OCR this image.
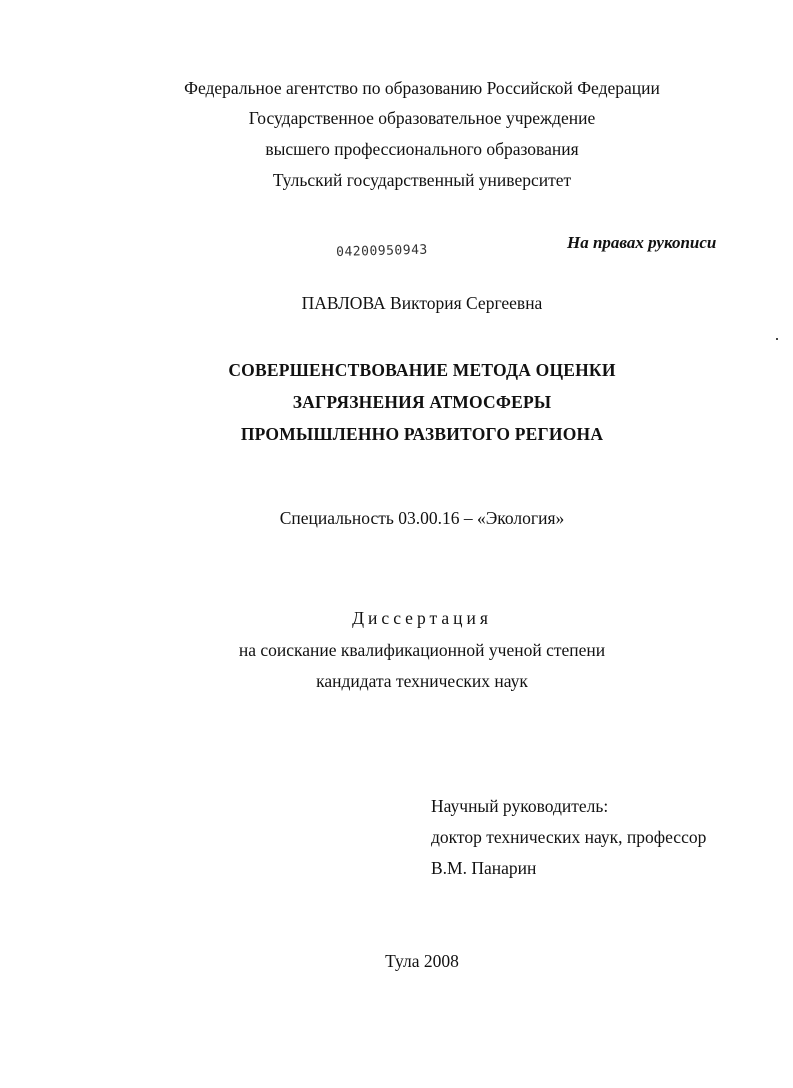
Федеральное агентство по образованию Российской Федерации
Государственное образовательное учреждение
высшего профессионального образования
Тульский государственный университет
На правах рукописи
04200950943
ПАВЛОВА Виктория Сергеевна
СОВЕРШЕНСТВОВАНИЕ МЕТОДА ОЦЕНКИ
ЗАГРЯЗНЕНИЯ АТМОСФЕРЫ
ПРОМЫШЛЕННО РАЗВИТОГО РЕГИОНА
Специальность 03.00.16 – «Экология»
Диссертация
на соискание квалификационной ученой степени
кандидата технических наук
Научный руководитель:
доктор технических наук, профессор
В.М. Панарин
Тула 2008
